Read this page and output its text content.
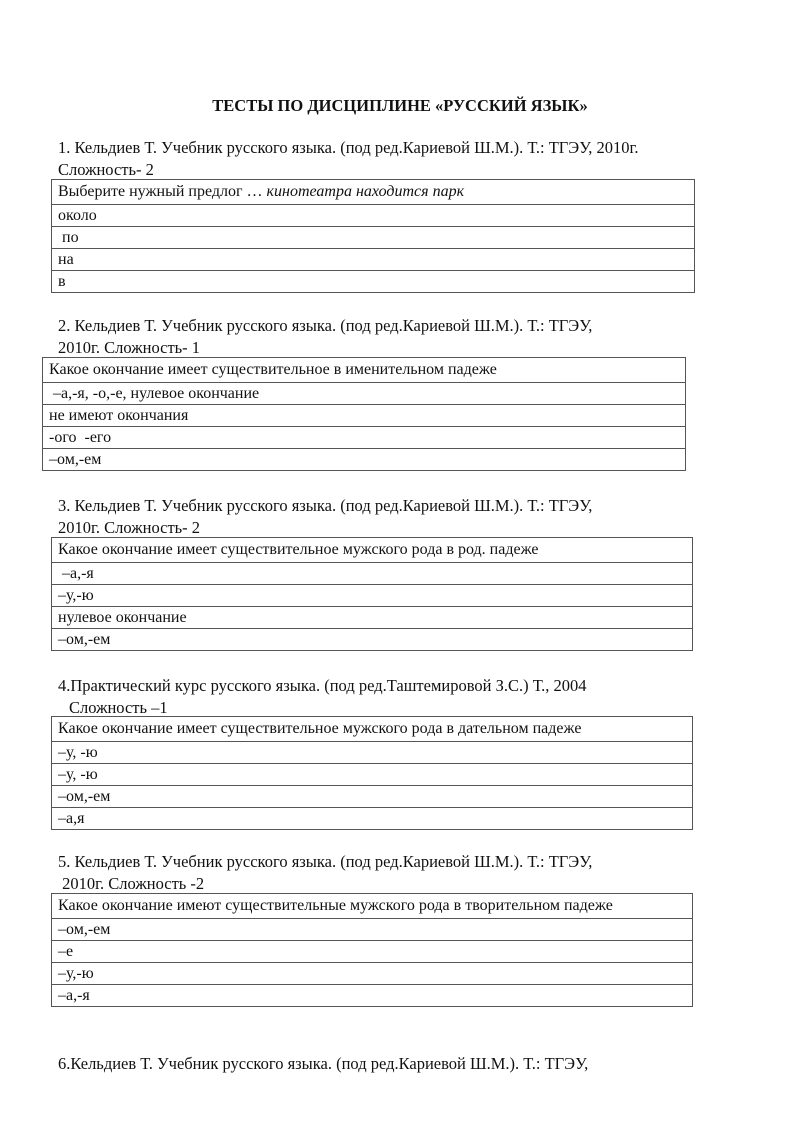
ТЕСТЫ ПО ДИСЦИПЛИНЕ «РУССКИЙ ЯЗЫК»
1. Кельдиев Т. Учебник русского языка. (под ред.Кариевой Ш.М.). Т.: ТГЭУ, 2010г.
Сложность- 2
Выберите нужный предлог … кинотеатра находится парк
около
по
на
в
2. Кельдиев Т. Учебник русского языка. (под ред.Кариевой Ш.М.). Т.: ТГЭУ,
2010г. Сложность- 1
Какое окончание имеет существительное в именительном падеже
–а,-я, -о,-е, нулевое окончание
не имеют окончания
-ого  -его
–ом,-ем
3. Кельдиев Т. Учебник русского языка. (под ред.Кариевой Ш.М.). Т.: ТГЭУ,
2010г. Сложность- 2
Какое окончание имеет существительное мужского рода в род. падеже
–а,-я
–у,-ю
нулевое окончание
–ом,-ем
4.Практический курс русского языка. (под ред.Таштемировой З.С.) Т., 2004
Сложность –1
Какое окончание имеет существительное мужского рода в дательном падеже
–у, -ю
–у, -ю
–ом,-ем
–а,я
5. Кельдиев Т. Учебник русского языка. (под ред.Кариевой Ш.М.). Т.: ТГЭУ,
2010г. Сложность -2
Какое окончание имеют существительные мужского рода в творительном падеже
–ом,-ем
–е
–у,-ю
–а,-я
6.Кельдиев Т. Учебник русского языка. (под ред.Кариевой Ш.М.). Т.: ТГЭУ,
